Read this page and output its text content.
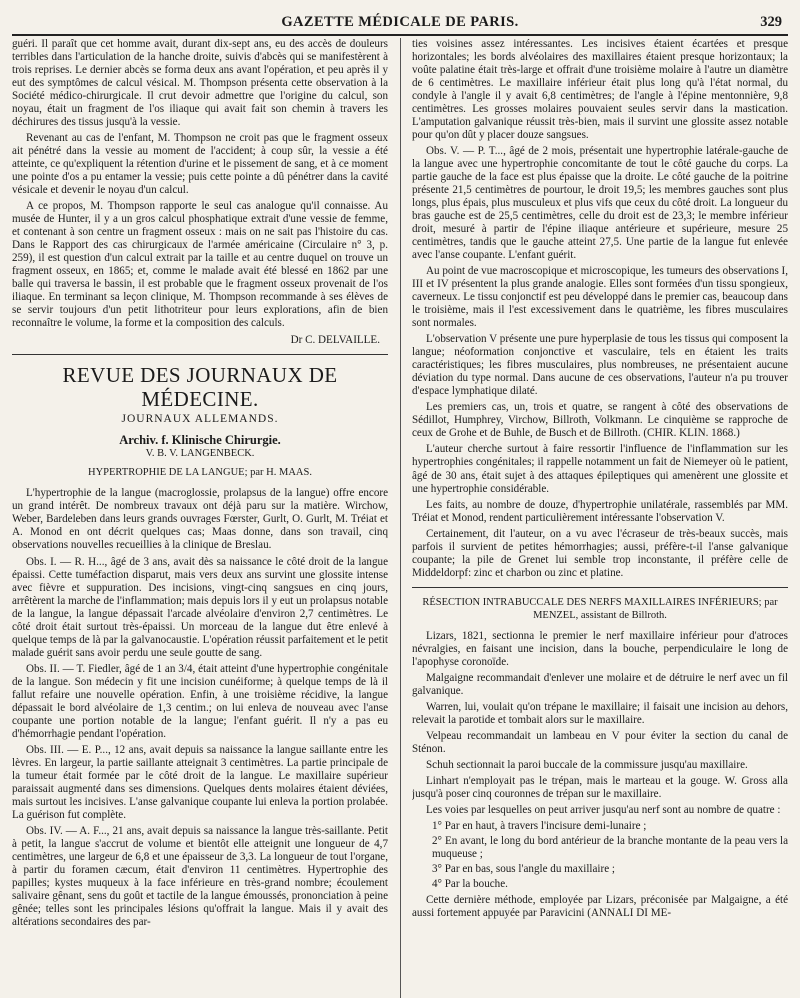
GAZETTE MÉDICALE DE PARIS.	329

guéri. Il paraît que cet homme avait, durant dix-sept ans, eu des accès de douleurs terribles dans l'articulation de la hanche droite, suivis d'abcès qui se manifestèrent à trois reprises. Le dernier abcès se forma deux ans avant l'opération, et peu après il y eut des symptômes de calcul vésical. M. Thompson présenta cette observation à la Société médico-chirurgicale. Il crut devoir admettre que l'origine du calcul, son noyau, était un fragment de l'os iliaque qui avait fait son chemin à travers les déchirures des tissus jusqu'à la vessie.

Revenant au cas de l'enfant, M. Thompson ne croit pas que le fragment osseux ait pénétré dans la vessie au moment de l'accident; à coup sûr, la vessie a été atteinte, ce qu'expliquent la rétention d'urine et le pissement de sang, et à ce moment une pointe d'os a pu entamer la vessie; puis cette pointe a dû pénétrer dans la cavité vésicale et devenir le noyau d'un calcul.

A ce propos, M. Thompson rapporte le seul cas analogue qu'il connaisse. Au musée de Hunter, il y a un gros calcul phosphatique extrait d'une vessie de femme, et contenant à son centre un fragment osseux : mais on ne sait pas l'histoire du cas. Dans le Rapport des cas chirurgicaux de l'armée américaine (Circulaire n° 3, p. 259), il est question d'un calcul extrait par la taille et au centre duquel on trouve un fragment osseux, en 1865; et, comme le malade avait été blessé en 1862 par une balle qui traversa le bassin, il est probable que le fragment osseux provenait de l'os iliaque. En terminant sa leçon clinique, M. Thompson recommande à ses élèves de se servir toujours d'un petit lithotriteur pour leurs explorations, afin de bien reconnaître le volume, la forme et la composition des calculs.

Dr C. DELVAILLE.

REVUE DES JOURNAUX DE MÉDECINE.
JOURNAUX ALLEMANDS.
Archiv. f. Klinische Chirurgie.
V. B. V. LANGENBECK.
HYPERTROPHIE DE LA LANGUE; par H. MAAS.

L'hypertrophie de la langue (macroglossie, prolapsus de la langue) offre encore un grand intérêt. De nombreux travaux ont déjà paru sur la matière. Wirchow, Weber, Bardeleben dans leurs grands ouvrages Fœrster, Gurlt, O. Gurlt, M. Tréiat et A. Monod en ont décrit quelques cas; Maas donne, dans son travail, cinq observations nouvelles recueillies à la clinique de Breslau.

Obs. I. — R. H..., âgé de 3 ans, avait dès sa naissance le côté droit de la langue épaissi. Cette tuméfaction disparut, mais vers deux ans survint une glossite intense avec fièvre et suppuration. Des incisions, vingt-cinq sangsues en cinq jours, arrêtèrent la marche de l'inflammation; mais depuis lors il y eut un prolapsus notable de la langue, la langue dépassait l'arcade alvéolaire d'environ 2,7 centimètres. Le côté droit était surtout très-épaissi. Un morceau de la langue dut être enlevé à quelque temps de là par la galvanocaustie. L'opération réussit parfaitement et le petit malade guérit sans avoir perdu une seule goutte de sang.

Obs. II. — T. Fiedler, âgé de 1 an 3/4, était atteint d'une hypertrophie congénitale de la langue. Son médecin y fit une incision cunéiforme; à quelque temps de là il fallut refaire une nouvelle opération. Enfin, à une troisième récidive, la langue dépassait le bord alvéolaire de 1,3 centim.; on lui enleva de nouveau avec l'anse coupante une portion notable de la langue; l'enfant guérit. Il n'y a pas eu d'hémorrhagie pendant l'opération.

Obs. III. — E. P..., 12 ans, avait depuis sa naissance la langue saillante entre les lèvres. En largeur, la partie saillante atteignait 3 centimètres. La partie principale de la tumeur était formée par le côté droit de la langue. Le maxillaire supérieur paraissait augmenté dans ses dimensions. Quelques dents molaires étaient déviées, mais surtout les incisives. L'anse galvanique coupante lui enleva la portion prolabée. La guérison fut complète.

Obs. IV. — A. F..., 21 ans, avait depuis sa naissance la langue très-saillante. Petit à petit, la langue s'accrut de volume et bientôt elle atteignit une longueur de 4,7 centimètres, une largeur de 6,8 et une épaisseur de 3,3. La longueur de tout l'organe, à partir du foramen cæcum, était d'environ 11 centimètres. Hypertrophie des papilles; kystes muqueux à la face inférieure en très-grand nombre; écoulement salivaire gênant, sens du goût et tactile de la langue émoussés, prononciation à peine gênée; telles sont les principales lésions qu'offrait la langue. Mais il y avait des altérations secondaires des par-

ties voisines assez intéressantes. Les incisives étaient écartées et presque horizontales; les bords alvéolaires des maxillaires étaient presque horizontaux; la voûte palatine était très-large et offrait d'une troisième molaire à l'autre un diamètre de 6 centimètres. Le maxillaire inférieur était plus long qu'à l'état normal, du condyle à l'angle il y avait 6,8 centimètres; de l'angle à l'épine mentonnière, 9,8 centimètres. Les grosses molaires pouvaient seules servir dans la mastication. L'amputation galvanique réussit très-bien, mais il survint une glossite assez notable pour qu'on dût y placer douze sangsues.

Obs. V. — P. T..., âgé de 2 mois, présentait une hypertrophie latérale-gauche de la langue avec une hypertrophie concomitante de tout le côté gauche du corps. La partie gauche de la face est plus épaisse que la droite. Le côté gauche de la poitrine présente 21,5 centimètres de pourtour, le droit 19,5; les membres gauches sont plus longs, plus épais, plus musculeux et plus vifs que ceux du côté droit. La longueur du bras gauche est de 25,5 centimètres, celle du droit est de 23,3; le membre inférieur droit, mesuré à partir de l'épine iliaque antérieure et supérieure, mesure 25 centimètres, tandis que le gauche atteint 27,5. Une partie de la langue fut enlevée avec l'anse coupante. L'enfant guérit.

Au point de vue macroscopique et microscopique, les tumeurs des observations I, III et IV présentent la plus grande analogie. Elles sont formées d'un tissu spongieux, caverneux. Le tissu conjonctif est peu développé dans le premier cas, beaucoup dans le troisième, mais il l'est excessivement dans le quatrième, les fibres musculaires sont normales.

L'observation V présente une pure hyperplasie de tous les tissus qui composent la langue; néoformation conjonctive et vasculaire, tels en étaient les traits caractéristiques; les fibres musculaires, plus nombreuses, ne présentaient aucune déviation du type normal. Dans aucune de ces observations, l'auteur n'a pu trouver d'espace lymphatique dilaté.

Les premiers cas, un, trois et quatre, se rangent à côté des observations de Sédillot, Humphrey, Virchow, Billroth, Volkmann. Le cinquième se rapproche de ceux de Grohe et de Buhle, de Busch et de Billroth. (CHIR. KLIN. 1868.)

L'auteur cherche surtout à faire ressortir l'influence de l'inflammation sur les hypertrophies congénitales; il rappelle notamment un fait de Niemeyer où le patient, âgé de 30 ans, était sujet à des attaques épileptiques qui amenèrent une glossite et une hypertrophie considérable.

Les faits, au nombre de douze, d'hypertrophie unilatérale, rassemblés par MM. Tréiat et Monod, rendent particulièrement intéressante l'observation V.

Certainement, dit l'auteur, on a vu avec l'écraseur de très-beaux succès, mais parfois il survient de petites hémorrhagies; aussi, préfère-t-il l'anse galvanique coupante; la pile de Grenet lui semble trop inconstante, il préfère celle de Middeldorpf: zinc et charbon ou zinc et platine.

RÉSECTION INTRABUCCALE DES NERFS MAXILLAIRES INFÉRIEURS; par MENZEL, assistant de Billroth.

Lizars, 1821, sectionna le premier le nerf maxillaire inférieur pour d'atroces névralgies, en faisant une incision, dans la bouche, perpendiculaire le long de l'apophyse coronoïde.

Malgaigne recommandait d'enlever une molaire et de détruire le nerf avec un fil galvanique.

Warren, lui, voulait qu'on trépane le maxillaire; il faisait une incision au dehors, relevait la parotide et tombait alors sur le maxillaire.

Velpeau recommandait un lambeau en V pour éviter la section du canal de Sténon.

Schuh sectionnait la paroi buccale de la commissure jusqu'au maxillaire.

Linhart n'employait pas le trépan, mais le marteau et la gouge. W. Gross alla jusqu'à poser cinq couronnes de trépan sur le maxillaire.

Les voies par lesquelles on peut arriver jusqu'au nerf sont au nombre de quatre :

1° Par en haut, à travers l'incisure demi-lunaire ;
2° En avant, le long du bord antérieur de la branche montante de la peau vers la muqueuse ;
3° Par en bas, sous l'angle du maxillaire ;
4° Par la bouche.

Cette dernière méthode, employée par Lizars, préconisée par Malgaigne, a été aussi fortement appuyée par Paravicini (ANNALI DI ME-
